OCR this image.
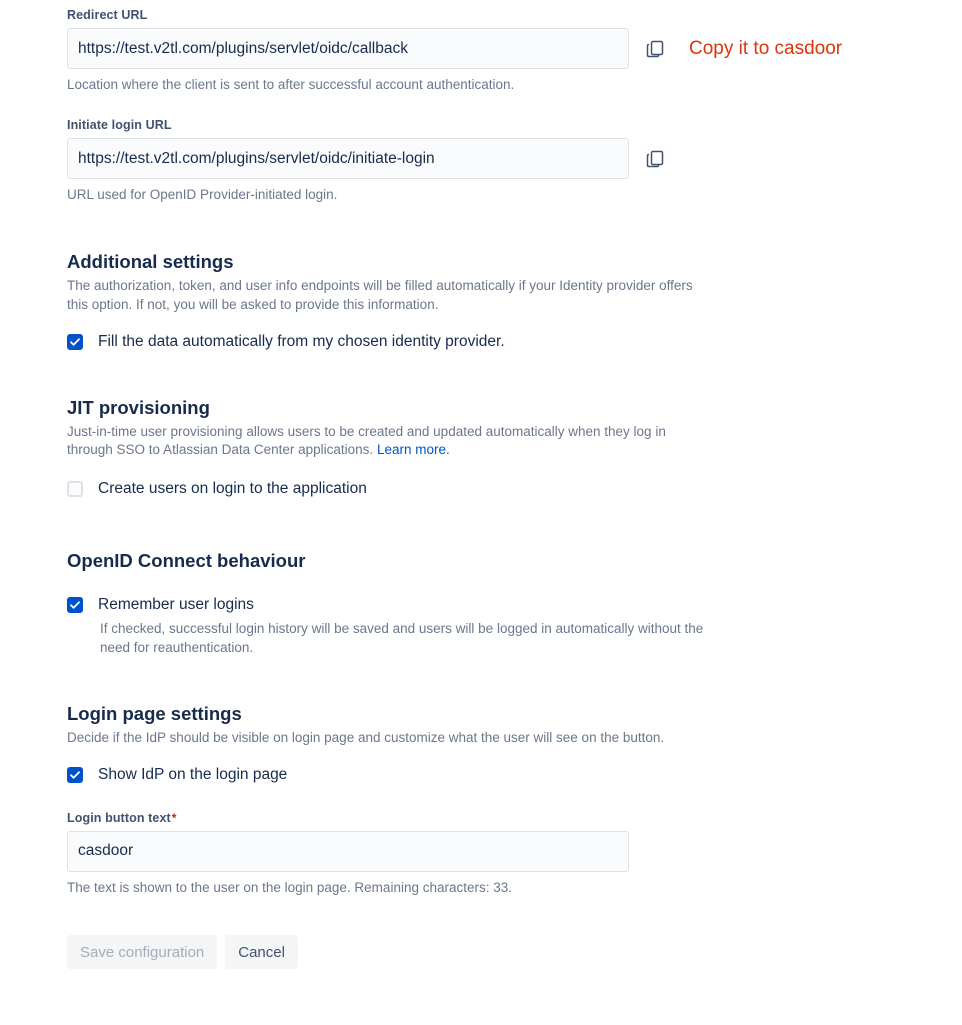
Redirect URL
https://test.v2tl.com/plugins/servlet/oidc/callback
Copy it to casdoor
Location where the client is sent to after successful account authentication.
Initiate login URL
https://test.v2tl.com/plugins/servlet/oidc/initiate-login
URL used for OpenID Provider-initiated login.
Additional settings
The authorization, token, and user info endpoints will be filled automatically if your Identity provider offers this option. If not, you will be asked to provide this information.
Fill the data automatically from my chosen identity provider.
JIT provisioning
Just-in-time user provisioning allows users to be created and updated automatically when they log in through SSO to Atlassian Data Center applications. Learn more.
Create users on login to the application
OpenID Connect behaviour
Remember user logins
If checked, successful login history will be saved and users will be logged in automatically without the need for reauthentication.
Login page settings
Decide if the IdP should be visible on login page and customize what the user will see on the button.
Show IdP on the login page
Login button text*
casdoor
The text is shown to the user on the login page. Remaining characters: 33.
Save configuration	Cancel
